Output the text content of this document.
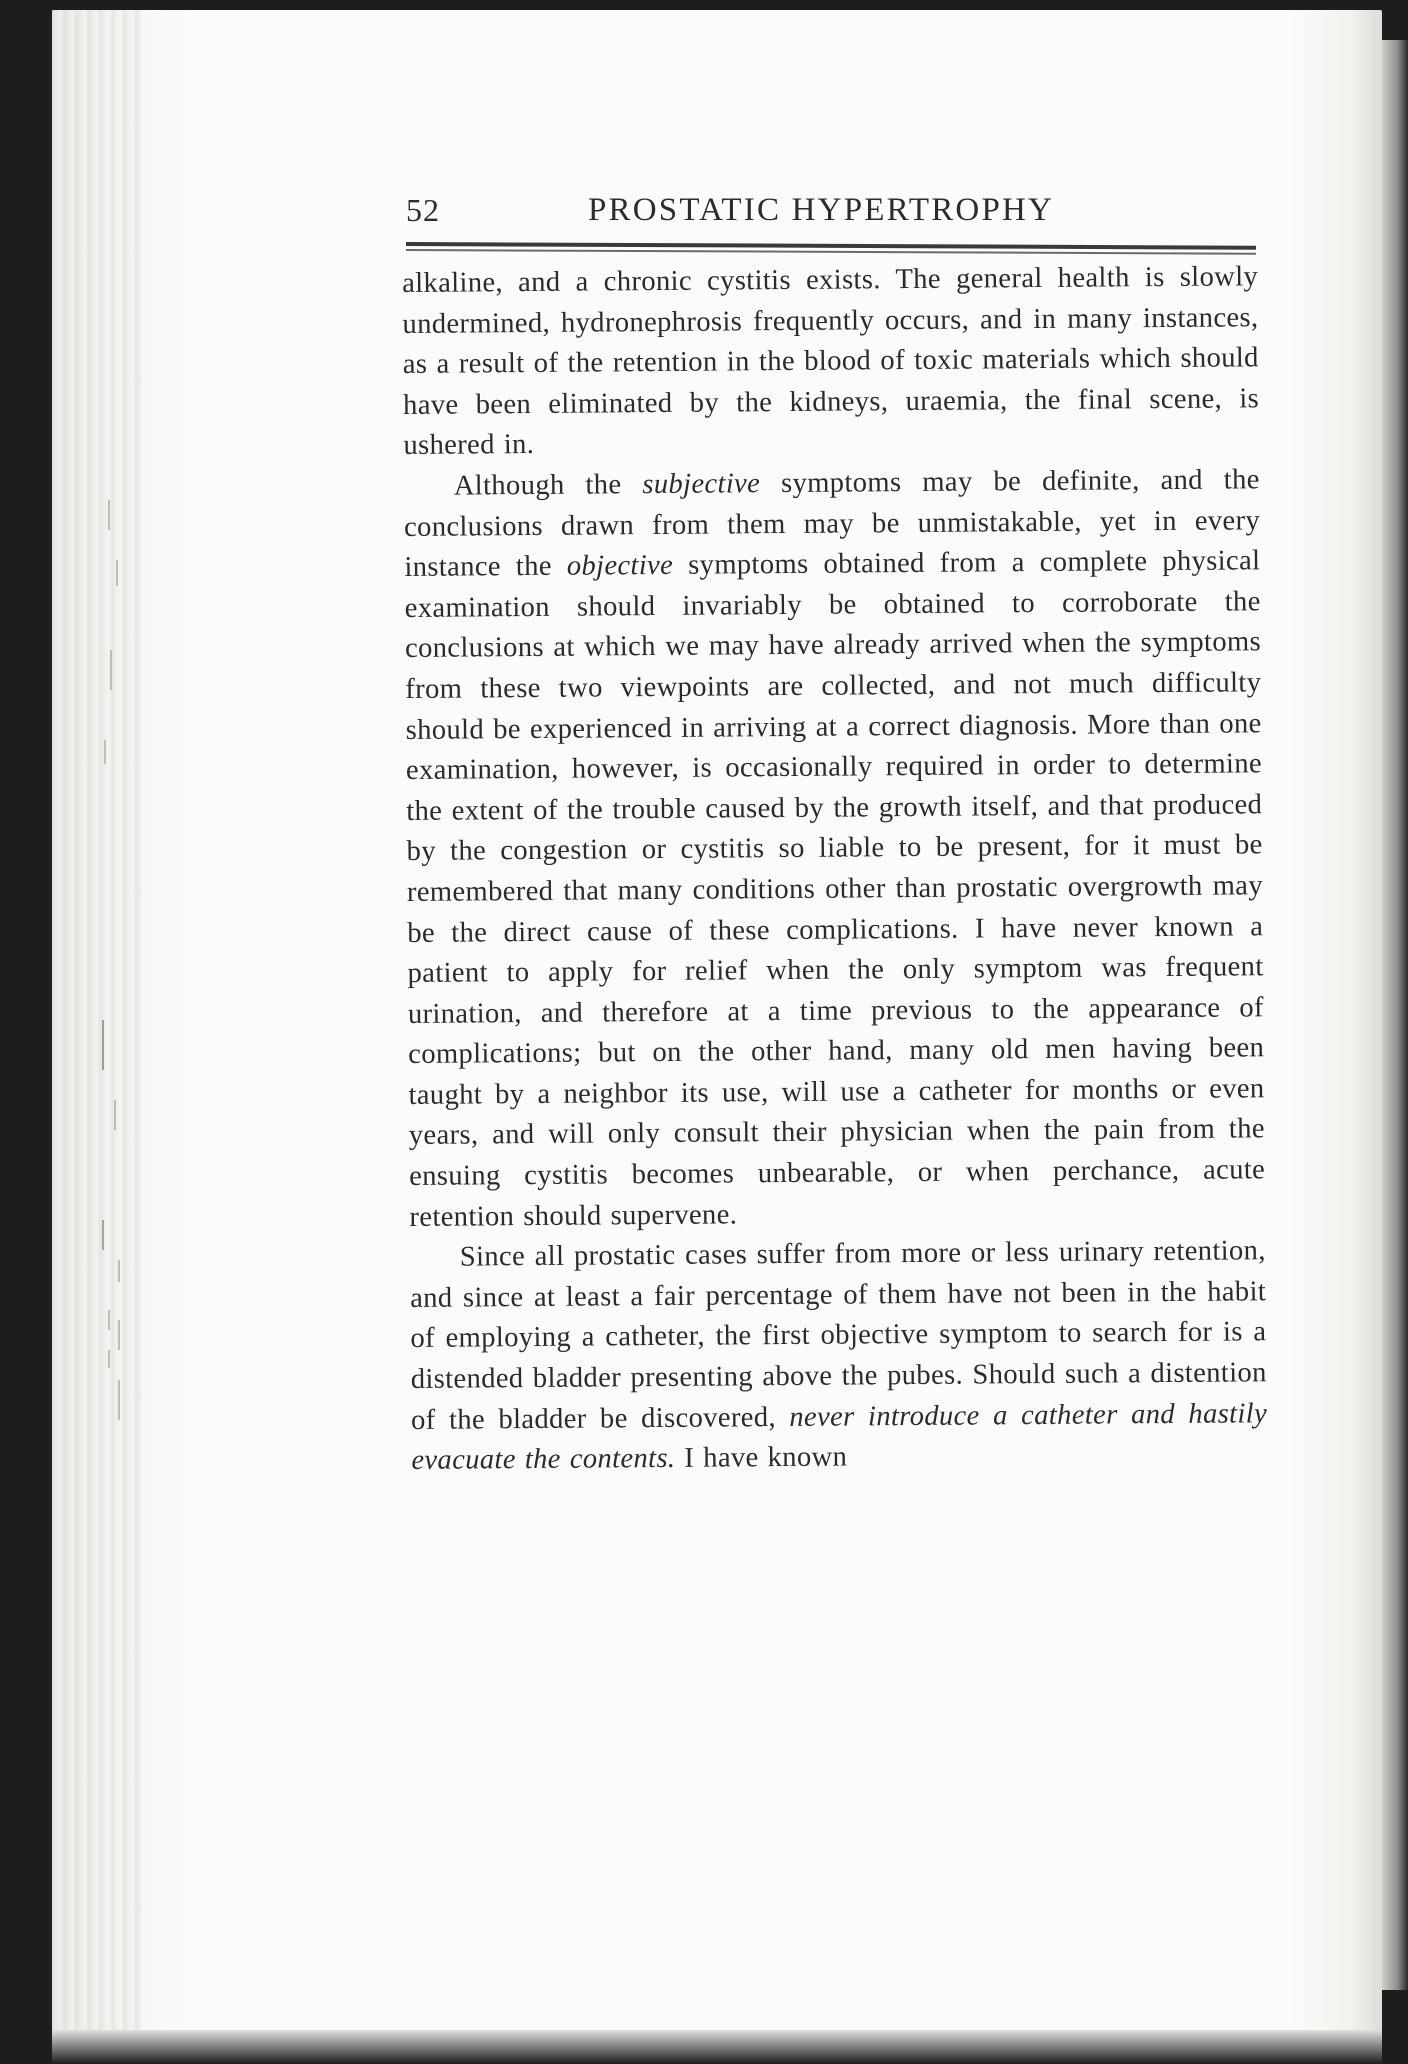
52	PROSTATIC HYPERTROPHY

alkaline, and a chronic cystitis exists. The general health is slowly undermined, hydronephrosis frequently occurs, and in many instances, as a result of the retention in the blood of toxic materials which should have been eliminated by the kidneys, uraemia, the final scene, is ushered in.

Although the subjective symptoms may be definite, and the conclusions drawn from them may be unmistakable, yet in every instance the objective symptoms obtained from a complete physical examination should invariably be obtained to corroborate the conclusions at which we may have already arrived when the symptoms from these two viewpoints are collected, and not much difficulty should be experienced in arriving at a correct diagnosis. More than one examination, however, is occasionally required in order to determine the extent of the trouble caused by the growth itself, and that produced by the congestion or cystitis so liable to be present, for it must be remembered that many conditions other than prostatic overgrowth may be the direct cause of these complications. I have never known a patient to apply for relief when the only symptom was frequent urination, and therefore at a time previous to the appearance of complications; but on the other hand, many old men having been taught by a neighbor its use, will use a catheter for months or even years, and will only consult their physician when the pain from the ensuing cystitis becomes unbearable, or when perchance, acute retention should supervene.

Since all prostatic cases suffer from more or less urinary retention, and since at least a fair percentage of them have not been in the habit of employing a catheter, the first objective symptom to search for is a distended bladder presenting above the pubes. Should such a distention of the bladder be discovered, never introduce a catheter and hastily evacuate the contents. I have known
